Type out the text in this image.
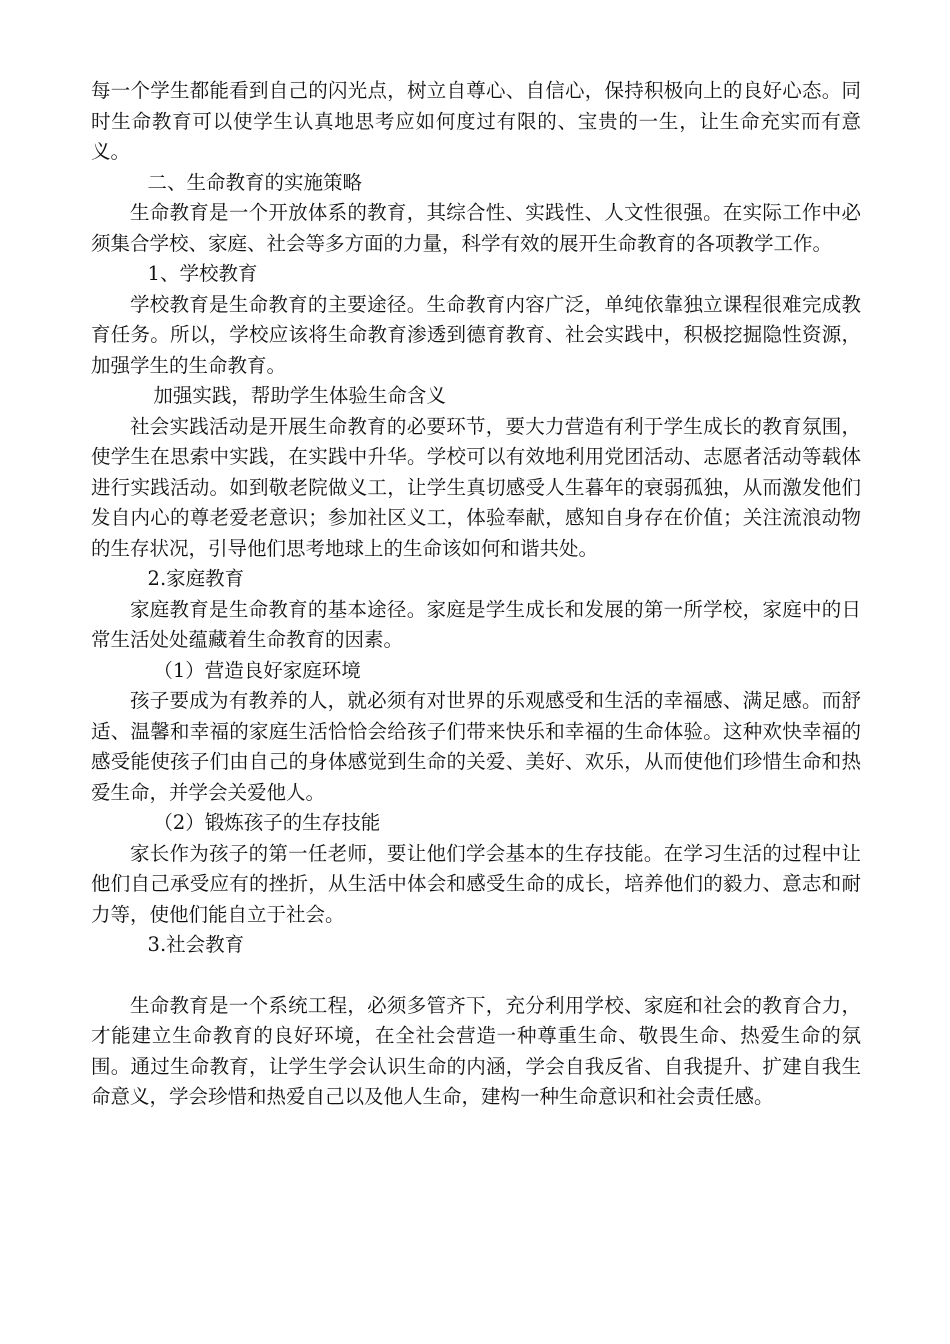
每一个学生都能看到自己的闪光点，树立自尊心、自信心，保持积极向上的良好心态。同时生命教育可以使学生认真地思考应如何度过有限的、宝贵的一生，让生命充实而有意义。

二、生命教育的实施策略

生命教育是一个开放体系的教育，其综合性、实践性、人文性很强。在实际工作中必须集合学校、家庭、社会等多方面的力量，科学有效的展开生命教育的各项教学工作。

1、学校教育

学校教育是生命教育的主要途径。生命教育内容广泛，单纯依靠独立课程很难完成教育任务。所以，学校应该将生命教育渗透到德育教育、社会实践中，积极挖掘隐性资源，加强学生的生命教育。

加强实践，帮助学生体验生命含义

社会实践活动是开展生命教育的必要环节，要大力营造有利于学生成长的教育氛围，使学生在思索中实践，在实践中升华。学校可以有效地利用党团活动、志愿者活动等载体进行实践活动。如到敬老院做义工，让学生真切感受人生暮年的衰弱孤独，从而激发他们发自内心的尊老爱老意识；参加社区义工，体验奉献，感知自身存在价值；关注流浪动物的生存状况，引导他们思考地球上的生命该如何和谐共处。

2.家庭教育

家庭教育是生命教育的基本途径。家庭是学生成长和发展的第一所学校，家庭中的日常生活处处蕴藏着生命教育的因素。

（1）营造良好家庭环境

孩子要成为有教养的人，就必须有对世界的乐观感受和生活的幸福感、满足感。而舒适、温馨和幸福的家庭生活恰恰会给孩子们带来快乐和幸福的生命体验。这种欢快幸福的感受能使孩子们由自己的身体感觉到生命的关爱、美好、欢乐，从而使他们珍惜生命和热爱生命，并学会关爱他人。

（2）锻炼孩子的生存技能

家长作为孩子的第一任老师，要让他们学会基本的生存技能。在学习生活的过程中让他们自己承受应有的挫折，从生活中体会和感受生命的成长，培养他们的毅力、意志和耐力等，使他们能自立于社会。

3.社会教育

生命教育是一个系统工程，必须多管齐下，充分利用学校、家庭和社会的教育合力，才能建立生命教育的良好环境，在全社会营造一种尊重生命、敬畏生命、热爱生命的氛围。通过生命教育，让学生学会认识生命的内涵，学会自我反省、自我提升、扩建自我生命意义，学会珍惜和热爱自己以及他人生命，建构一种生命意识和社会责任感。
